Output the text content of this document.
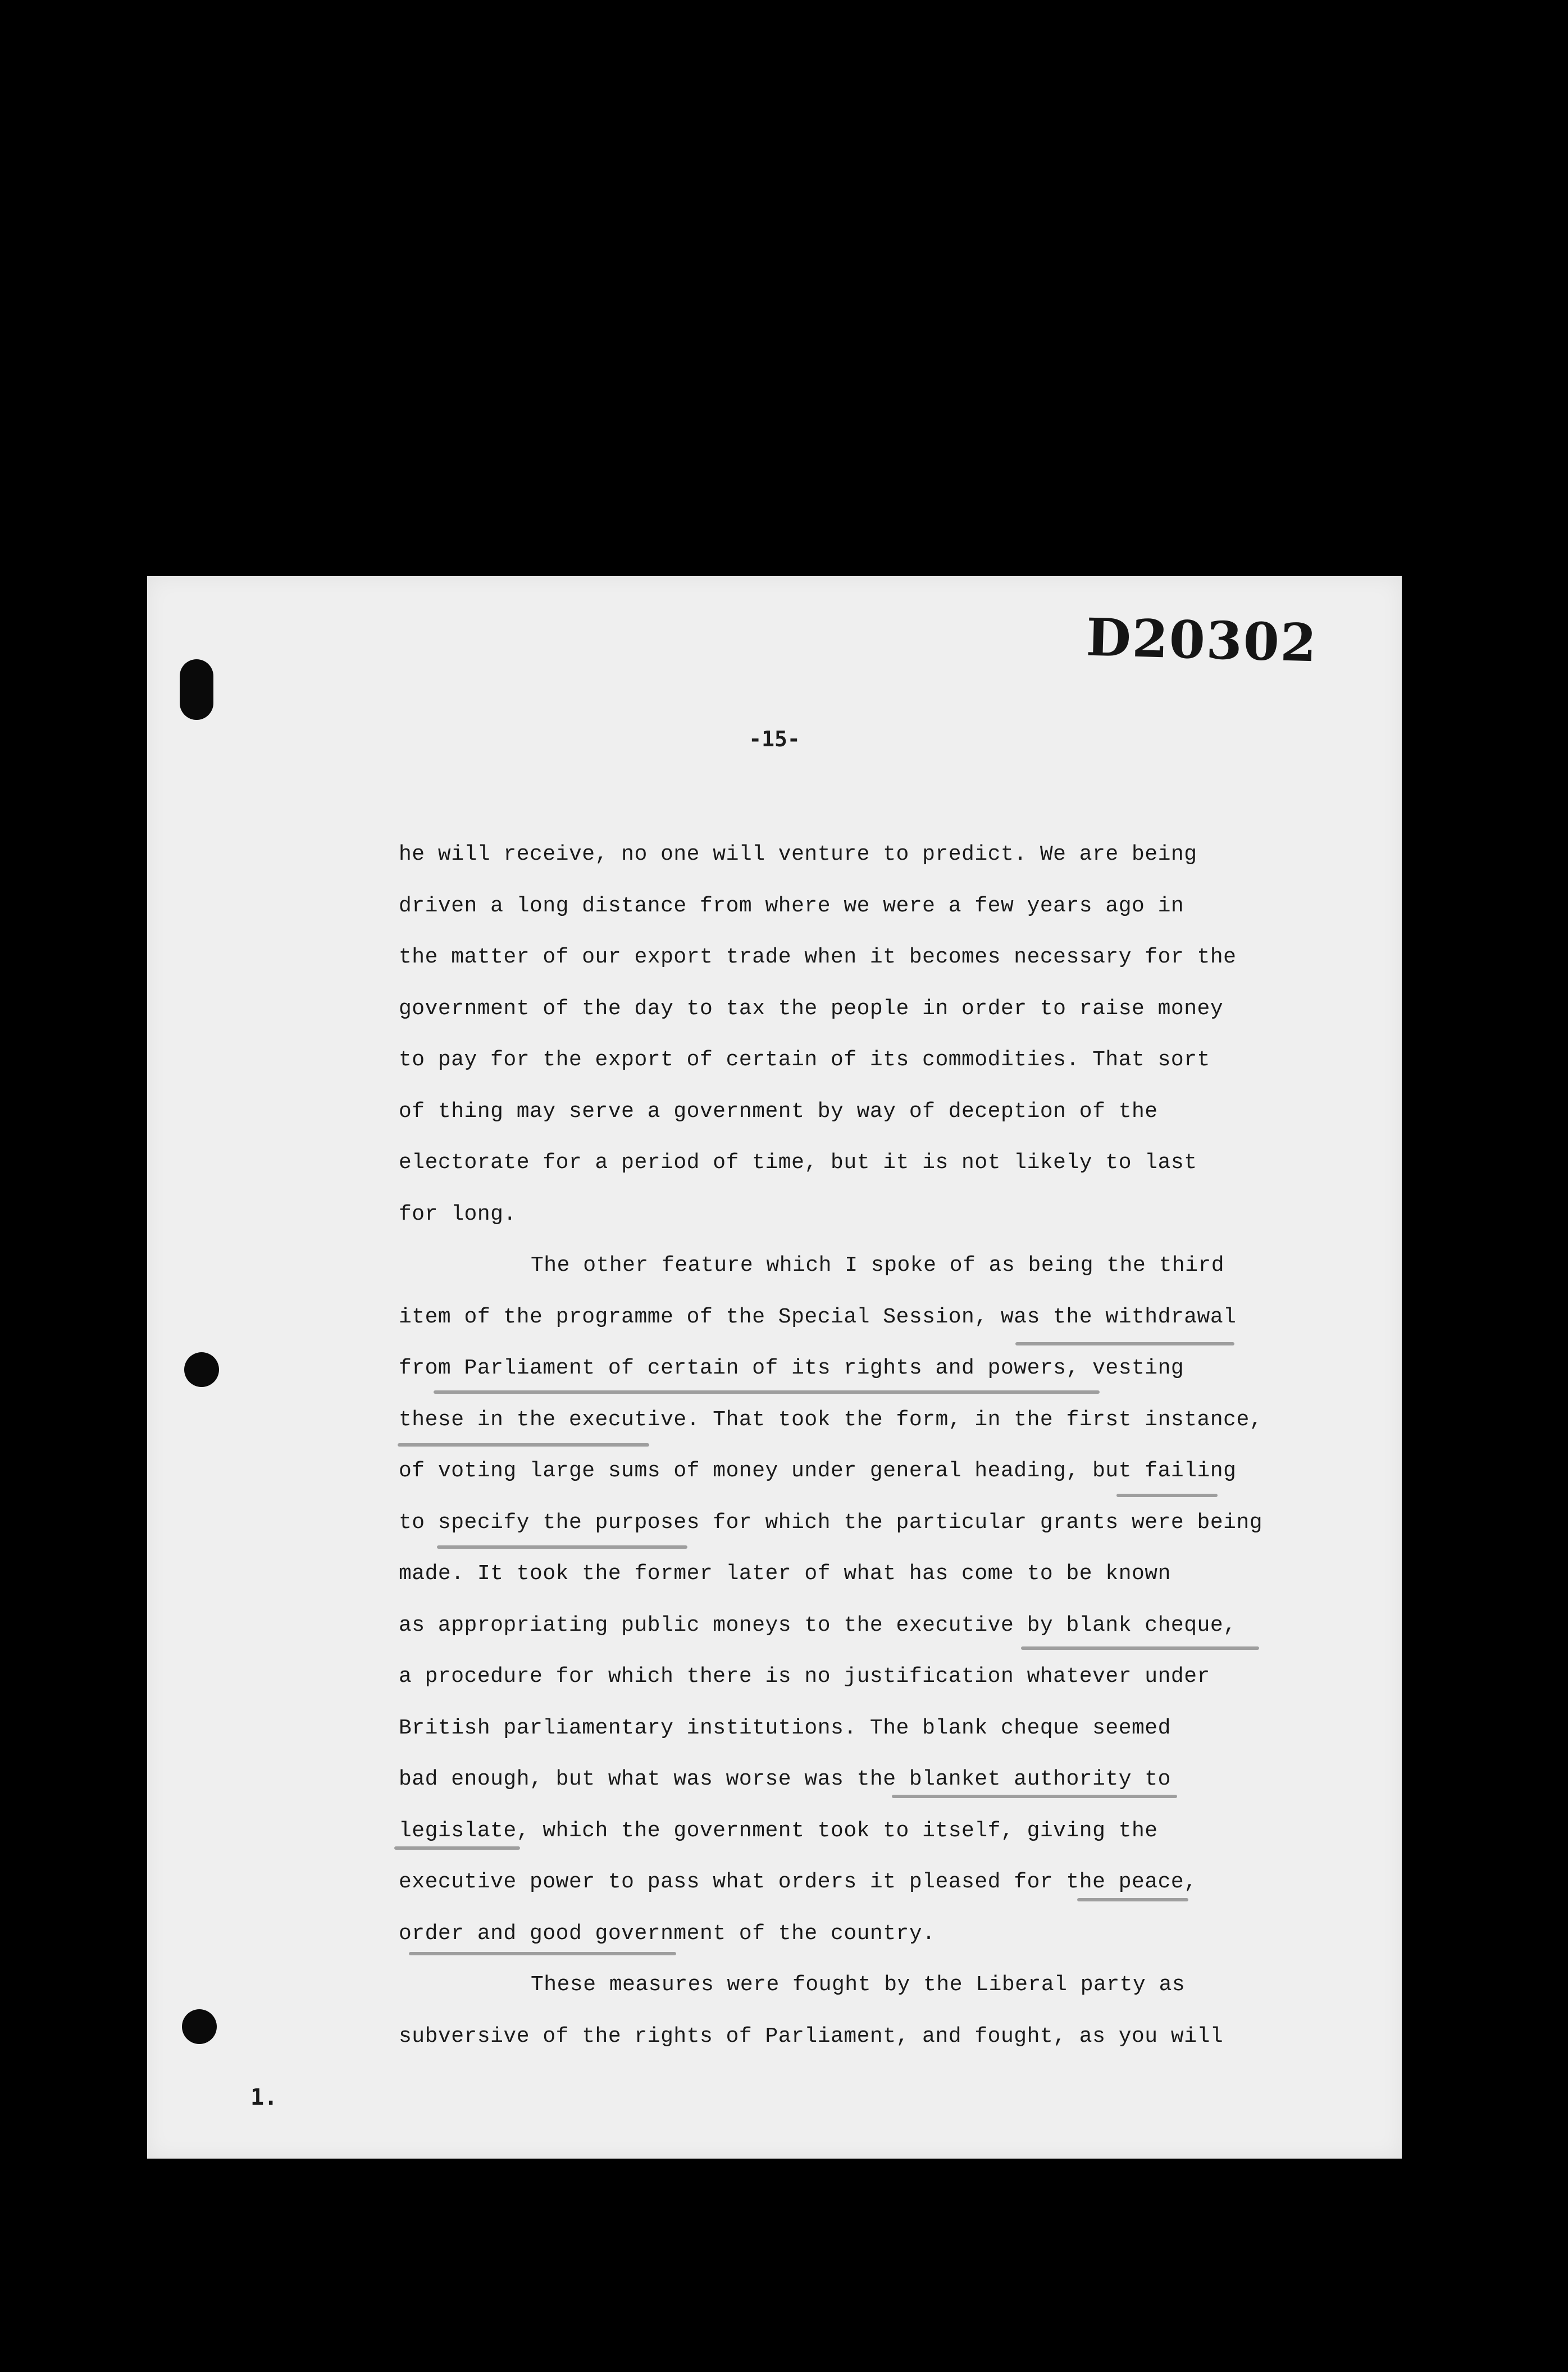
D20302
-15-
he will receive, no one will venture to predict. We are being
driven a long distance from where we were a few years ago in
the matter of our export trade when it becomes necessary for the
government of the day to tax the people in order to raise money
to pay for the export of certain of its commodities. That sort
of thing may serve a government by way of deception of the
electorate for a period of time, but it is not likely to last
for long.
The other feature which I spoke of as being the third
item of the programme of the Special Session, was the withdrawal
from Parliament of certain of its rights and powers, vesting
these in the executive. That took the form, in the first instance,
of voting large sums of money under general heading, but failing
to specify the purposes for which the particular grants were being
made. It took the former later of what has come to be known
as appropriating public moneys to the executive by blank cheque,
a procedure for which there is no justification whatever under
British parliamentary institutions. The blank cheque seemed
bad enough, but what was worse was the blanket authority to
legislate, which the government took to itself, giving the
executive power to pass what orders it pleased for the peace,
order and good government of the country.
These measures were fought by the Liberal party as
subversive of the rights of Parliament, and fought, as you will
1.
